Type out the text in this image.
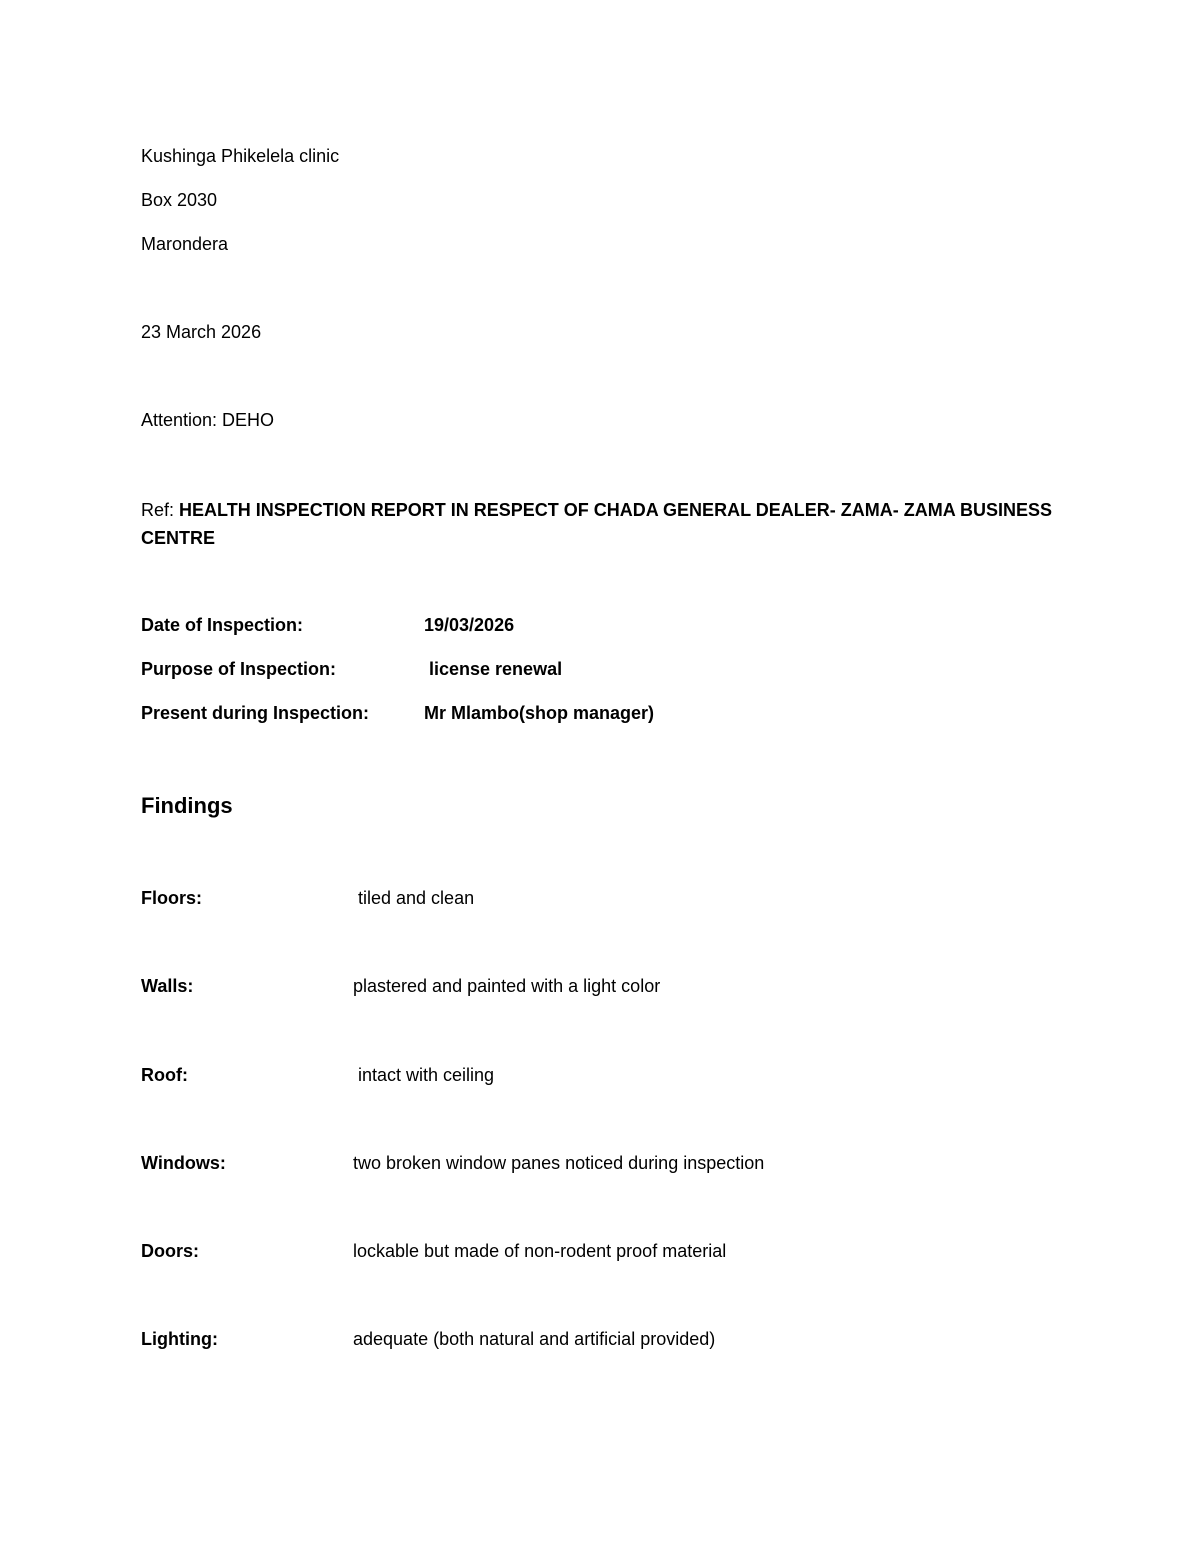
Kushinga Phikelela clinic
Box 2030
Marondera
23 March 2026
Attention: DEHO
Ref: HEALTH INSPECTION REPORT IN RESPECT OF CHADA GENERAL DEALER- ZAMA- ZAMA BUSINESS CENTRE
Date of Inspection:	19/03/2026
Purpose of Inspection:	license renewal
Present during Inspection:	Mr Mlambo(shop manager)
Findings
Floors:	tiled and clean
Walls:	plastered and painted with a light color
Roof:	intact with ceiling
Windows:	two broken window panes noticed during inspection
Doors:	lockable but made of non-rodent proof material
Lighting:	adequate (both natural and artificial provided)
